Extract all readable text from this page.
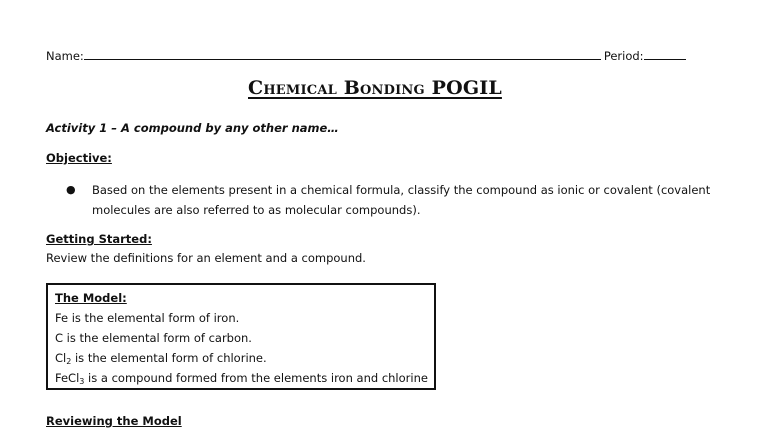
Name:	Period:
Chemical Bonding POGIL
Activity 1 – A compound by any other name…
Objective:
● Based on the elements present in a chemical formula, classify the compound as ionic or covalent (covalent molecules are also referred to as molecular compounds).
Getting Started:
Review the definitions for an element and a compound.
The Model:
Fe is the elemental form of iron.
C is the elemental form of carbon.
$Cl_2$ is the elemental form of chlorine.
FeCl$_3$ is a compound formed from the elements iron and chlorine
Reviewing the Model
